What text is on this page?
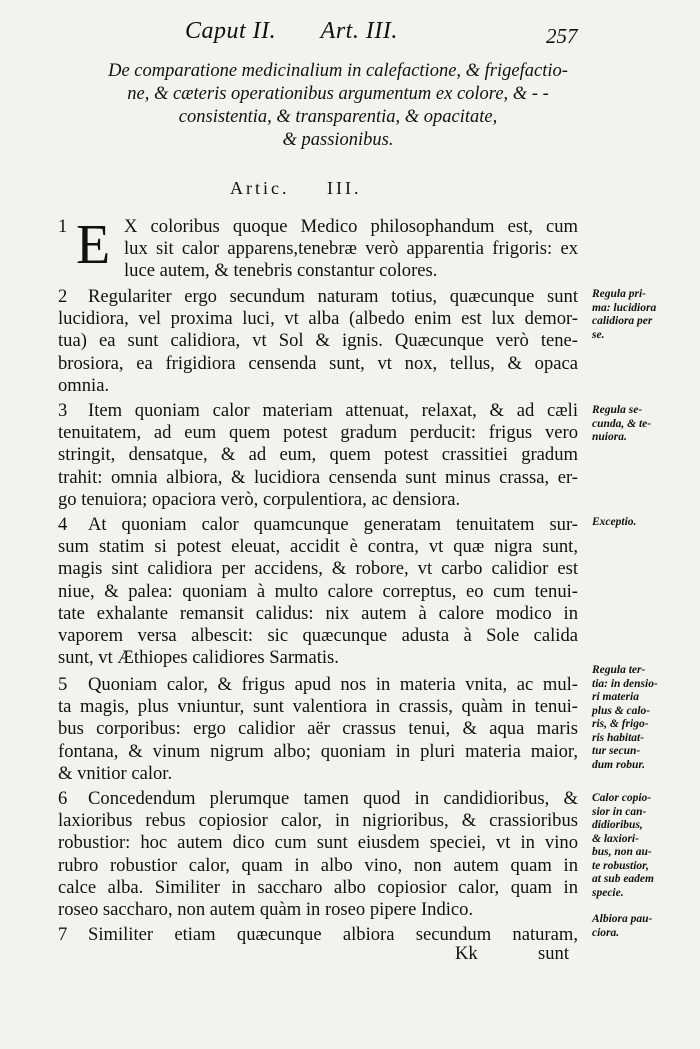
Caput II. Art. III.	257
De comparatione medicinalium in calefactione, & frigefactio-
ne, & cæteris operationibus argumentum ex colore, & - -
consistentia, & transparentia, & opacitate,
& passionibus.
Artic. III.
E
1	X coloribus quoque Medico philosophandum est, cum
lux sit calor apparens,tenebræ verò apparentia frigoris: ex
luce autem, & tenebris constantur colores.
2 Regulariter ergo secundum naturam totius, quæcunque sunt
lucidiora, vel proxima luci, vt alba (albedo enim est lux demor-
tua) ea sunt calidiora, vt Sol & ignis. Quæcunque verò tene-
brosiora, ea frigidiora censenda sunt, vt nox, tellus, & opaca
omnia.
3 Item quoniam calor materiam attenuat, relaxat, & ad cæli
tenuitatem, ad eum quem potest gradum perducit: frigus vero
stringit, densatque, & ad eum, quem potest crassitiei gradum
trahit: omnia albiora, & lucidiora censenda sunt minus crassa, er-
go tenuiora; opaciora verò, corpulentiora, ac densiora.
4 At quoniam calor quamcunque generatam tenuitatem sur-
sum statim si potest eleuat, accidit è contra, vt quæ nigra sunt,
magis sint calidiora per accidens, & robore, vt carbo calidior est
niue, & palea: quoniam à multo calore correptus, eo cum tenui-
tate exhalante remansit calidus: nix autem à calore modico in
vaporem versa albescit: sic quæcunque adusta à Sole calida
sunt, vt Æthiopes calidiores Sarmatis.
5 Quoniam calor, & frigus apud nos in materia vnita, ac mul-
ta magis, plus vniuntur, sunt valentiora in crassis, quàm in tenui-
bus corporibus: ergo calidior aër crassus tenui, & aqua maris
fontana, & vinum nigrum albo; quoniam in pluri materia maior,
& vnitior calor.
6 Concedendum plerumque tamen quod in candidioribus, &
laxioribus rebus copiosior calor, in nigrioribus, & crassioribus
robustior: hoc autem dico cum sunt eiusdem speciei, vt in vino
rubro robustior calor, quam in albo vino, non autem quam in
calce alba. Similiter in saccharo albo copiosior calor, quam in
roseo saccharo, non autem quàm in roseo pipere Indico.
7 Similiter etiam quæcunque albiora secundum naturam,
Regula pri-
ma: lucidiora
calidiora per
se.
Regula se-
cunda, & te-
nuiora.
Exceptio.
Regula ter-
tia: in densio-
ri materia
plus & calo-
ris, & frigo-
ris habitat-
tur secun-
dum robur.
Calor copio-
sior in can-
didioribus,
& laxiori-
bus, non au-
te robustior,
at sub eadem
specie.
Albiora pau-
ciora.
Kk	sunt
